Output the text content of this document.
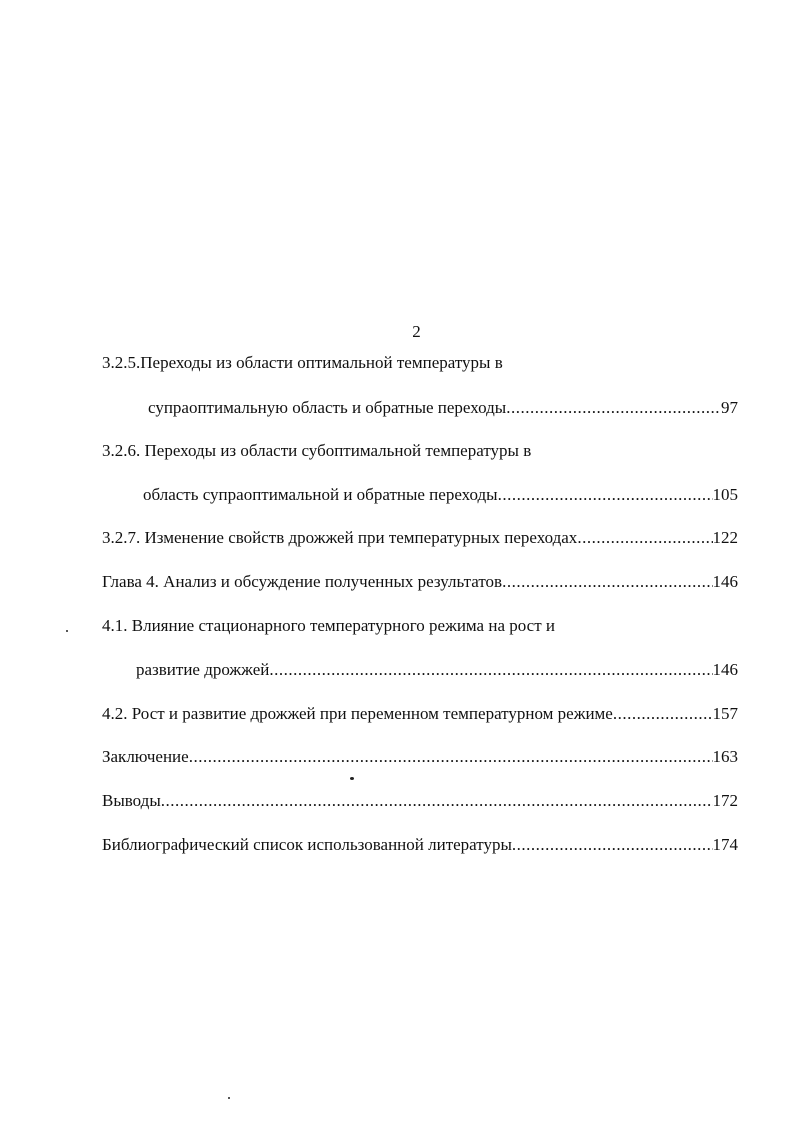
2
3.2.5.Переходы из области оптимальной температуры в
супраоптимальную область и обратные переходы .....	97
3.2.6. Переходы из области субоптимальной температуры в
область супраоптимальной и обратные переходы .....	105
3.2.7. Изменение свойств дрожжей при температурных переходах .....	122
Глава 4. Анализ и обсуждение полученных результатов .....	146
4.1. Влияние стационарного температурного режима на рост и
развитие дрожжей .....	146
4.2. Рост и развитие дрожжей при переменном температурном режиме .....	157
Заключение .....	163
Выводы .....	172
Библиографический список использованной литературы .....	174
